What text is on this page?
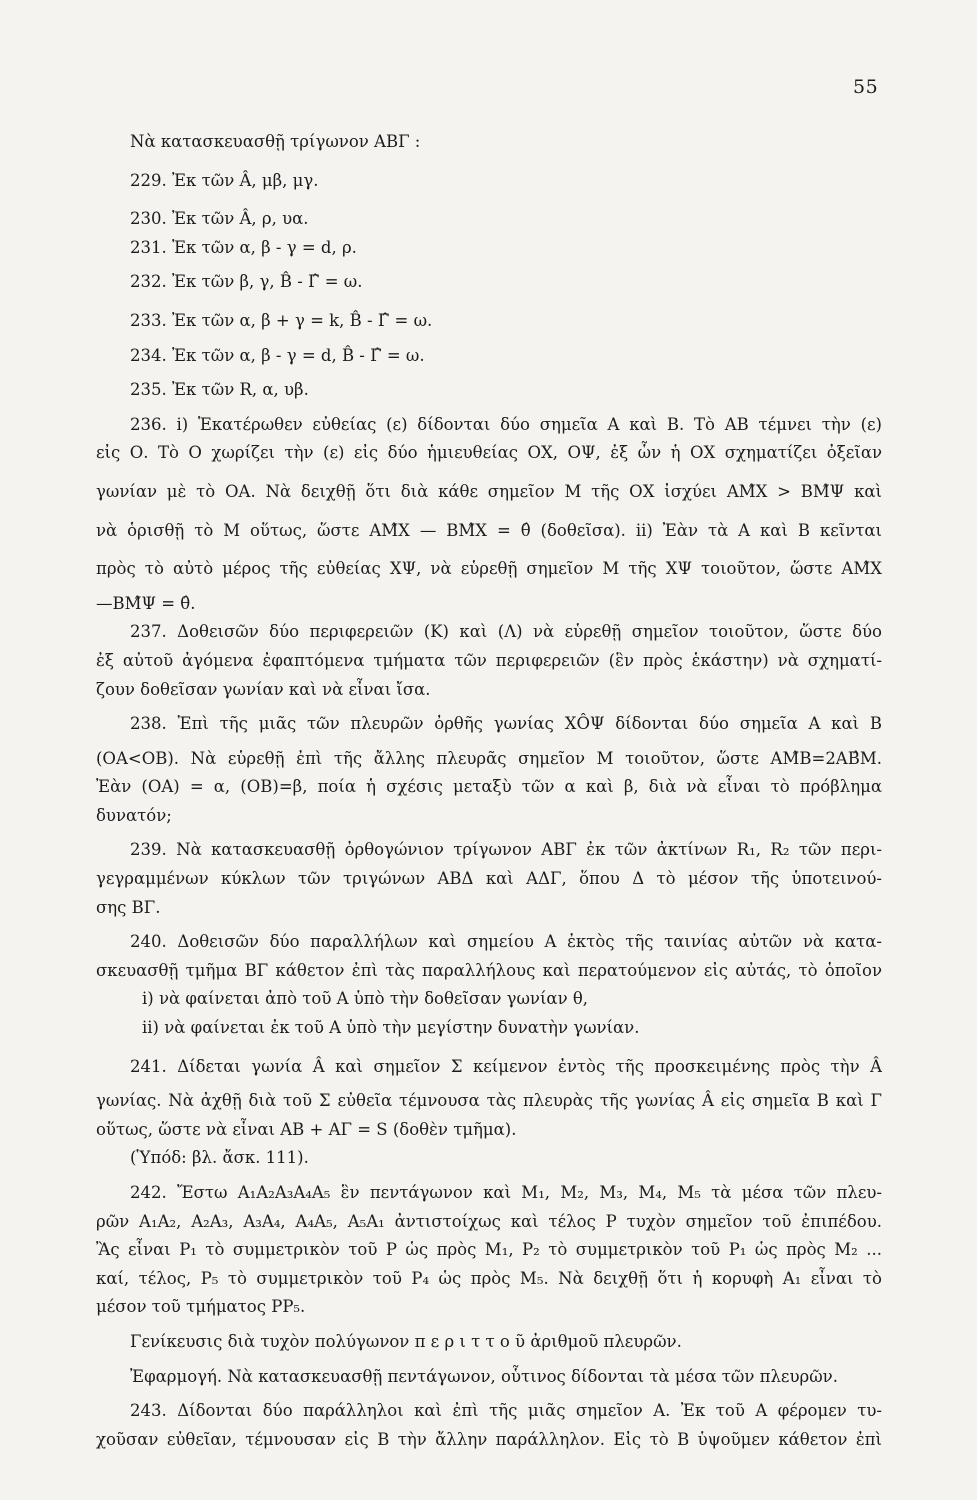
55
Νὰ κατασκευασθῇ τρίγωνον ΑΒΓ :
229. Ἐκ τῶν Â, μβ, μγ.
230. Ἐκ τῶν Â, ρ, υα.
231. Ἐκ τῶν α, β - γ = d, ρ.
232. Ἐκ τῶν β, γ, B̂ - Γ̂ = ω.
233. Ἐκ τῶν α, β + γ = k, B̂ - Γ̂ = ω.
234. Ἐκ τῶν α, β - γ = d, B̂ - Γ̂ = ω.
235. Ἐκ τῶν R, α, υβ.
236. i) Ἑκατέρωθεν εὐθείας (ε) δίδονται δύο σημεῖα Α καὶ Β. Τὸ ΑΒ τέμνει τὴν (ε)
εἰς Ο. Τὸ Ο χωρίζει τὴν (ε) εἰς δύο ἡμιευθείας ΟΧ, ΟΨ, ἐξ ὧν ἡ ΟΧ σχηματίζει ὀξεῖαν
γωνίαν μὲ τὸ ΟΑ. Νὰ δειχθῇ ὅτι διὰ κάθε σημεῖον Μ τῆς ΟΧ ἰσχύει ΑΜ̂Χ > ΒΜ̂Ψ καὶ
νὰ ὁρισθῇ τὸ Μ οὕτως, ὥστε ΑΜ̂Χ — ΒΜ̂Χ = θ̂ (δοθεῖσα). ii) Ἐὰν τὰ Α καὶ Β κεῖνται
πρὸς τὸ αὐτὸ μέρος τῆς εὐθείας ΧΨ, νὰ εὑρεθῇ σημεῖον Μ τῆς ΧΨ τοιοῦτον, ὥστε ΑΜ̂Χ
—ΒΜ̂Ψ = θ̂.
237. Δοθεισῶν δύο περιφερειῶν (Κ) καὶ (Λ) νὰ εὑρεθῇ σημεῖον τοιοῦτον, ὥστε δύο
ἐξ αὐτοῦ ἀγόμενα ἐφαπτόμενα τμήματα τῶν περιφερειῶν (ἓν πρὸς ἑκάστην) νὰ σχηματί-
ζουν δοθεῖσαν γωνίαν καὶ νὰ εἶναι ἴσα.
238. Ἐπὶ τῆς μιᾶς τῶν πλευρῶν ὀρθῆς γωνίας ΧÔΨ δίδονται δύο σημεῖα Α καὶ Β
(ΟΑ<ΟΒ). Νὰ εὑρεθῇ ἐπὶ τῆς ἄλλης πλευρᾶς σημεῖον Μ τοιοῦτον, ὥστε ΑΜ̂Β=2ΑΒ̂Μ.
Ἐὰν (ΟΑ) = α, (ΟΒ)=β, ποία ἡ σχέσις μεταξὺ τῶν α καὶ β, διὰ νὰ εἶναι τὸ πρόβλημα
δυνατόν;
239. Νὰ κατασκευασθῇ ὀρθογώνιον τρίγωνον ΑΒΓ ἐκ τῶν ἀκτίνων R₁, R₂ τῶν περι-
γεγραμμένων κύκλων τῶν τριγώνων ΑΒΔ καὶ ΑΔΓ, ὅπου Δ τὸ μέσον τῆς ὑποτεινού-
σης ΒΓ.
240. Δοθεισῶν δύο παραλλήλων καὶ σημείου Α ἐκτὸς τῆς ταινίας αὐτῶν νὰ κατα-
σκευασθῇ τμῆμα ΒΓ κάθετον ἐπὶ τὰς παραλλήλους καὶ περατούμενον εἰς αὐτάς, τὸ ὁποῖον
i) νὰ φαίνεται ἀπὸ τοῦ Α ὑπὸ τὴν δοθεῖσαν γωνίαν θ,
ii) νὰ φαίνεται ἐκ τοῦ Α ὑπὸ τὴν μεγίστην δυνατὴν γωνίαν.
241. Δίδεται γωνία Â καὶ σημεῖον Σ κείμενον ἐντὸς τῆς προσκειμένης πρὸς τὴν Â
γωνίας. Νὰ ἀχθῇ διὰ τοῦ Σ εὐθεῖα τέμνουσα τὰς πλευρὰς τῆς γωνίας Â εἰς σημεῖα Β καὶ Γ
οὕτως, ὥστε νὰ εἶναι ΑΒ + ΑΓ = S (δοθὲν τμῆμα).
(Ὑπόδ: βλ. ἄσκ. 111).
242. Ἔστω Α₁Α₂Α₃Α₄Α₅ ἓν πεντάγωνον καὶ Μ₁, Μ₂, Μ₃, Μ₄, Μ₅ τὰ μέσα τῶν πλευ-
ρῶν Α₁Α₂, Α₂Α₃, Α₃Α₄, Α₄Α₅, Α₅Α₁ ἀντιστοίχως καὶ τέλος Ρ τυχὸν σημεῖον τοῦ ἐπιπέδου.
Ἂς εἶναι Ρ₁ τὸ συμμετρικὸν τοῦ Ρ ὡς πρὸς Μ₁, Ρ₂ τὸ συμμετρικὸν τοῦ Ρ₁ ὡς πρὸς Μ₂ ...
καί, τέλος, Ρ₅ τὸ συμμετρικὸν τοῦ Ρ₄ ὡς πρὸς Μ₅. Νὰ δειχθῇ ὅτι ἡ κορυφὴ Α₁ εἶναι τὸ
μέσον τοῦ τμήματος ΡΡ₅.
Γενίκευσις διὰ τυχὸν πολύγωνον π ε ρ ι τ τ ο ῦ ἀριθμοῦ πλευρῶν.
Ἐφαρμογή. Νὰ κατασκευασθῇ πεντάγωνον, οὗτινος δίδονται τὰ μέσα τῶν πλευρῶν.
243. Δίδονται δύο παράλληλοι καὶ ἐπὶ τῆς μιᾶς σημεῖον Α. Ἐκ τοῦ Α φέρομεν τυ-
χοῦσαν εὐθεῖαν, τέμνουσαν εἰς Β τὴν ἄλλην παράλληλον. Εἰς τὸ Β ὑψοῦμεν κάθετον ἐπὶ
